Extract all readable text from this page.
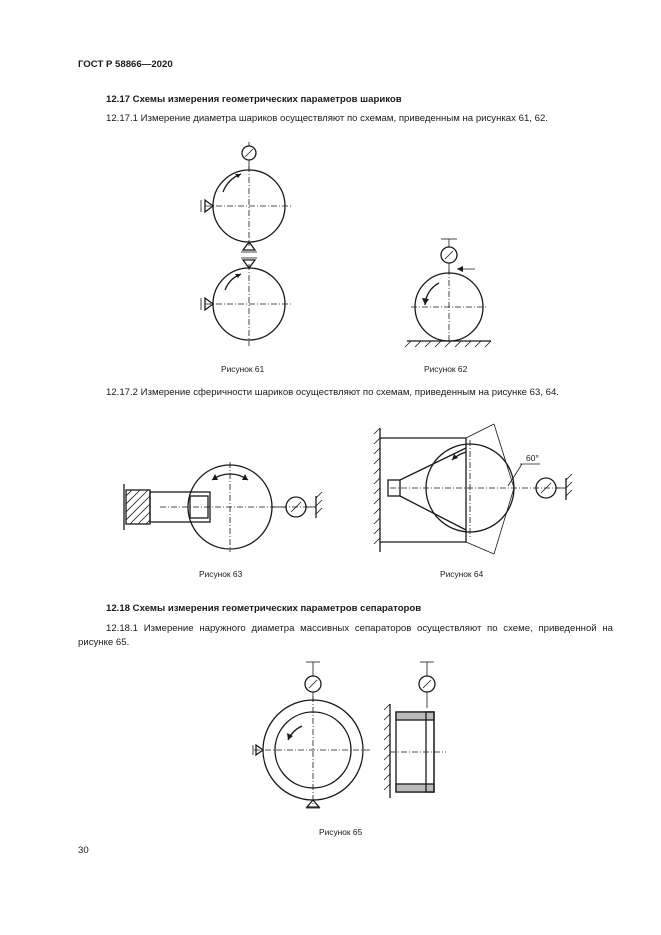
ГОСТ Р 58866—2020
12.17 Схемы измерения геометрических параметров шариков
12.17.1 Измерение диаметра шариков осуществляют по схемам, приведенным на рисунках 61, 62.
Рисунок 61	Рисунок 62
12.17.2 Измерение сферичности шариков осуществляют по схемам, приведенным на рисунке 63, 64.
Рисунок 63
60°
Рисунок 64
12.18 Схемы измерения геометрических параметров сепараторов
12.18.1 Измерение наружного диаметра массивных сепараторов осуществляют по схеме, приведенной на рисунке 65.
Рисунок 65
30
